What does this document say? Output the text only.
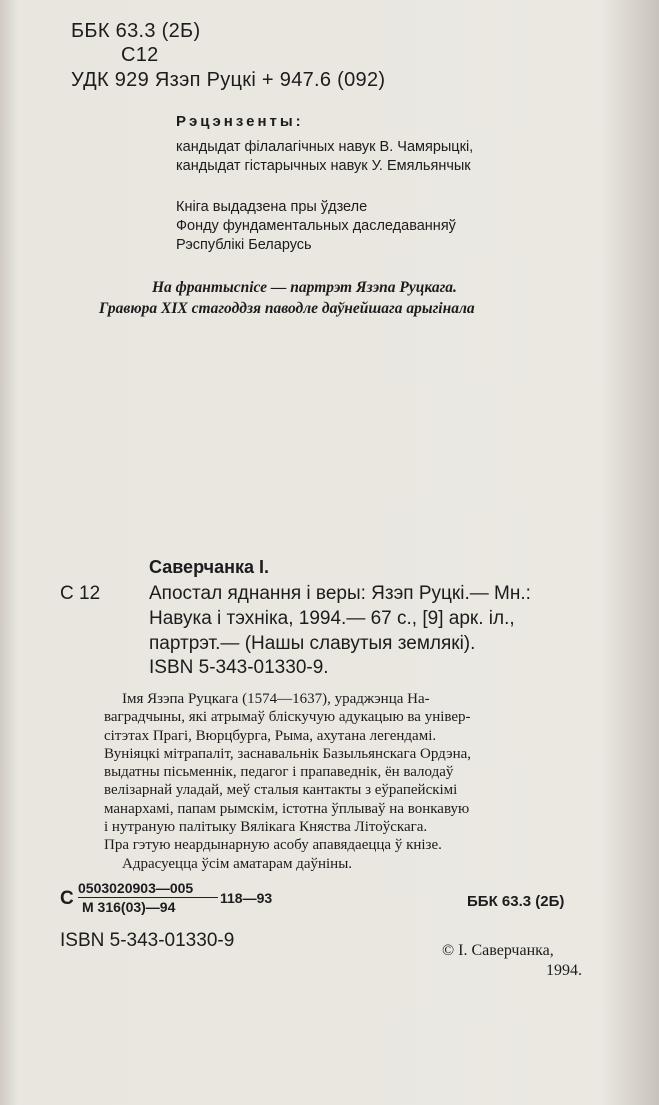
ББК 63.3 (2Б)
С12
УДК 929 Язэп Руцкі + 947.6 (092)
Рэцэнзенты:
кандыдат філалагічных навук В. Чамярыцкі,
кандыдат гістарычных навук У. Емяльянчык
Кніга выдадзена пры ўдзеле
Фонду фундаментальных даследаванняў
Рэспублікі Беларусь
На франтыспісе — партрэт Язэпа Руцкага.
Гравюра XIX стагоддзя паводле даўнейшага арыгінала
Саверчанка І.
С 12	Апостал яднання і веры: Язэп Руцкі.— Мн.:
Навука і тэхніка, 1994.— 67 с., [9] арк. іл.,
партрэт.— (Нашы славутыя землякі).
ISBN 5-343-01330-9.
Імя Язэпа Руцкага (1574—1637), ураджэнца На-
ваградчыны, які атрымаў бліскучую адукацыю ва універ-
сітэтах Прагі, Вюрцбурга, Рыма, ахутана легендамі.
Вуніяцкі мітрапаліт, заснавальнік Базыльянскага Ордэна,
выдатны пісьменнік, педагог і прапаведнік, ён валодаў
велізарнай уладай, меў сталыя кантакты з еўрапейскімі
манархамі, папам рымскім, істотна ўплываў на вонкавую
і нутраную палітыку Вялікага Княства Літоўскага.
Пра гэтую неардынарную асобу апавядаецца ў кнізе.
Адрасуецца ўсім аматарам даўніны.
С 0503020903—005
М 316(03)—94
118—93	ББК 63.3 (2Б)
ISBN 5-343-01330-9	© І. Саверчанка,
1994.
